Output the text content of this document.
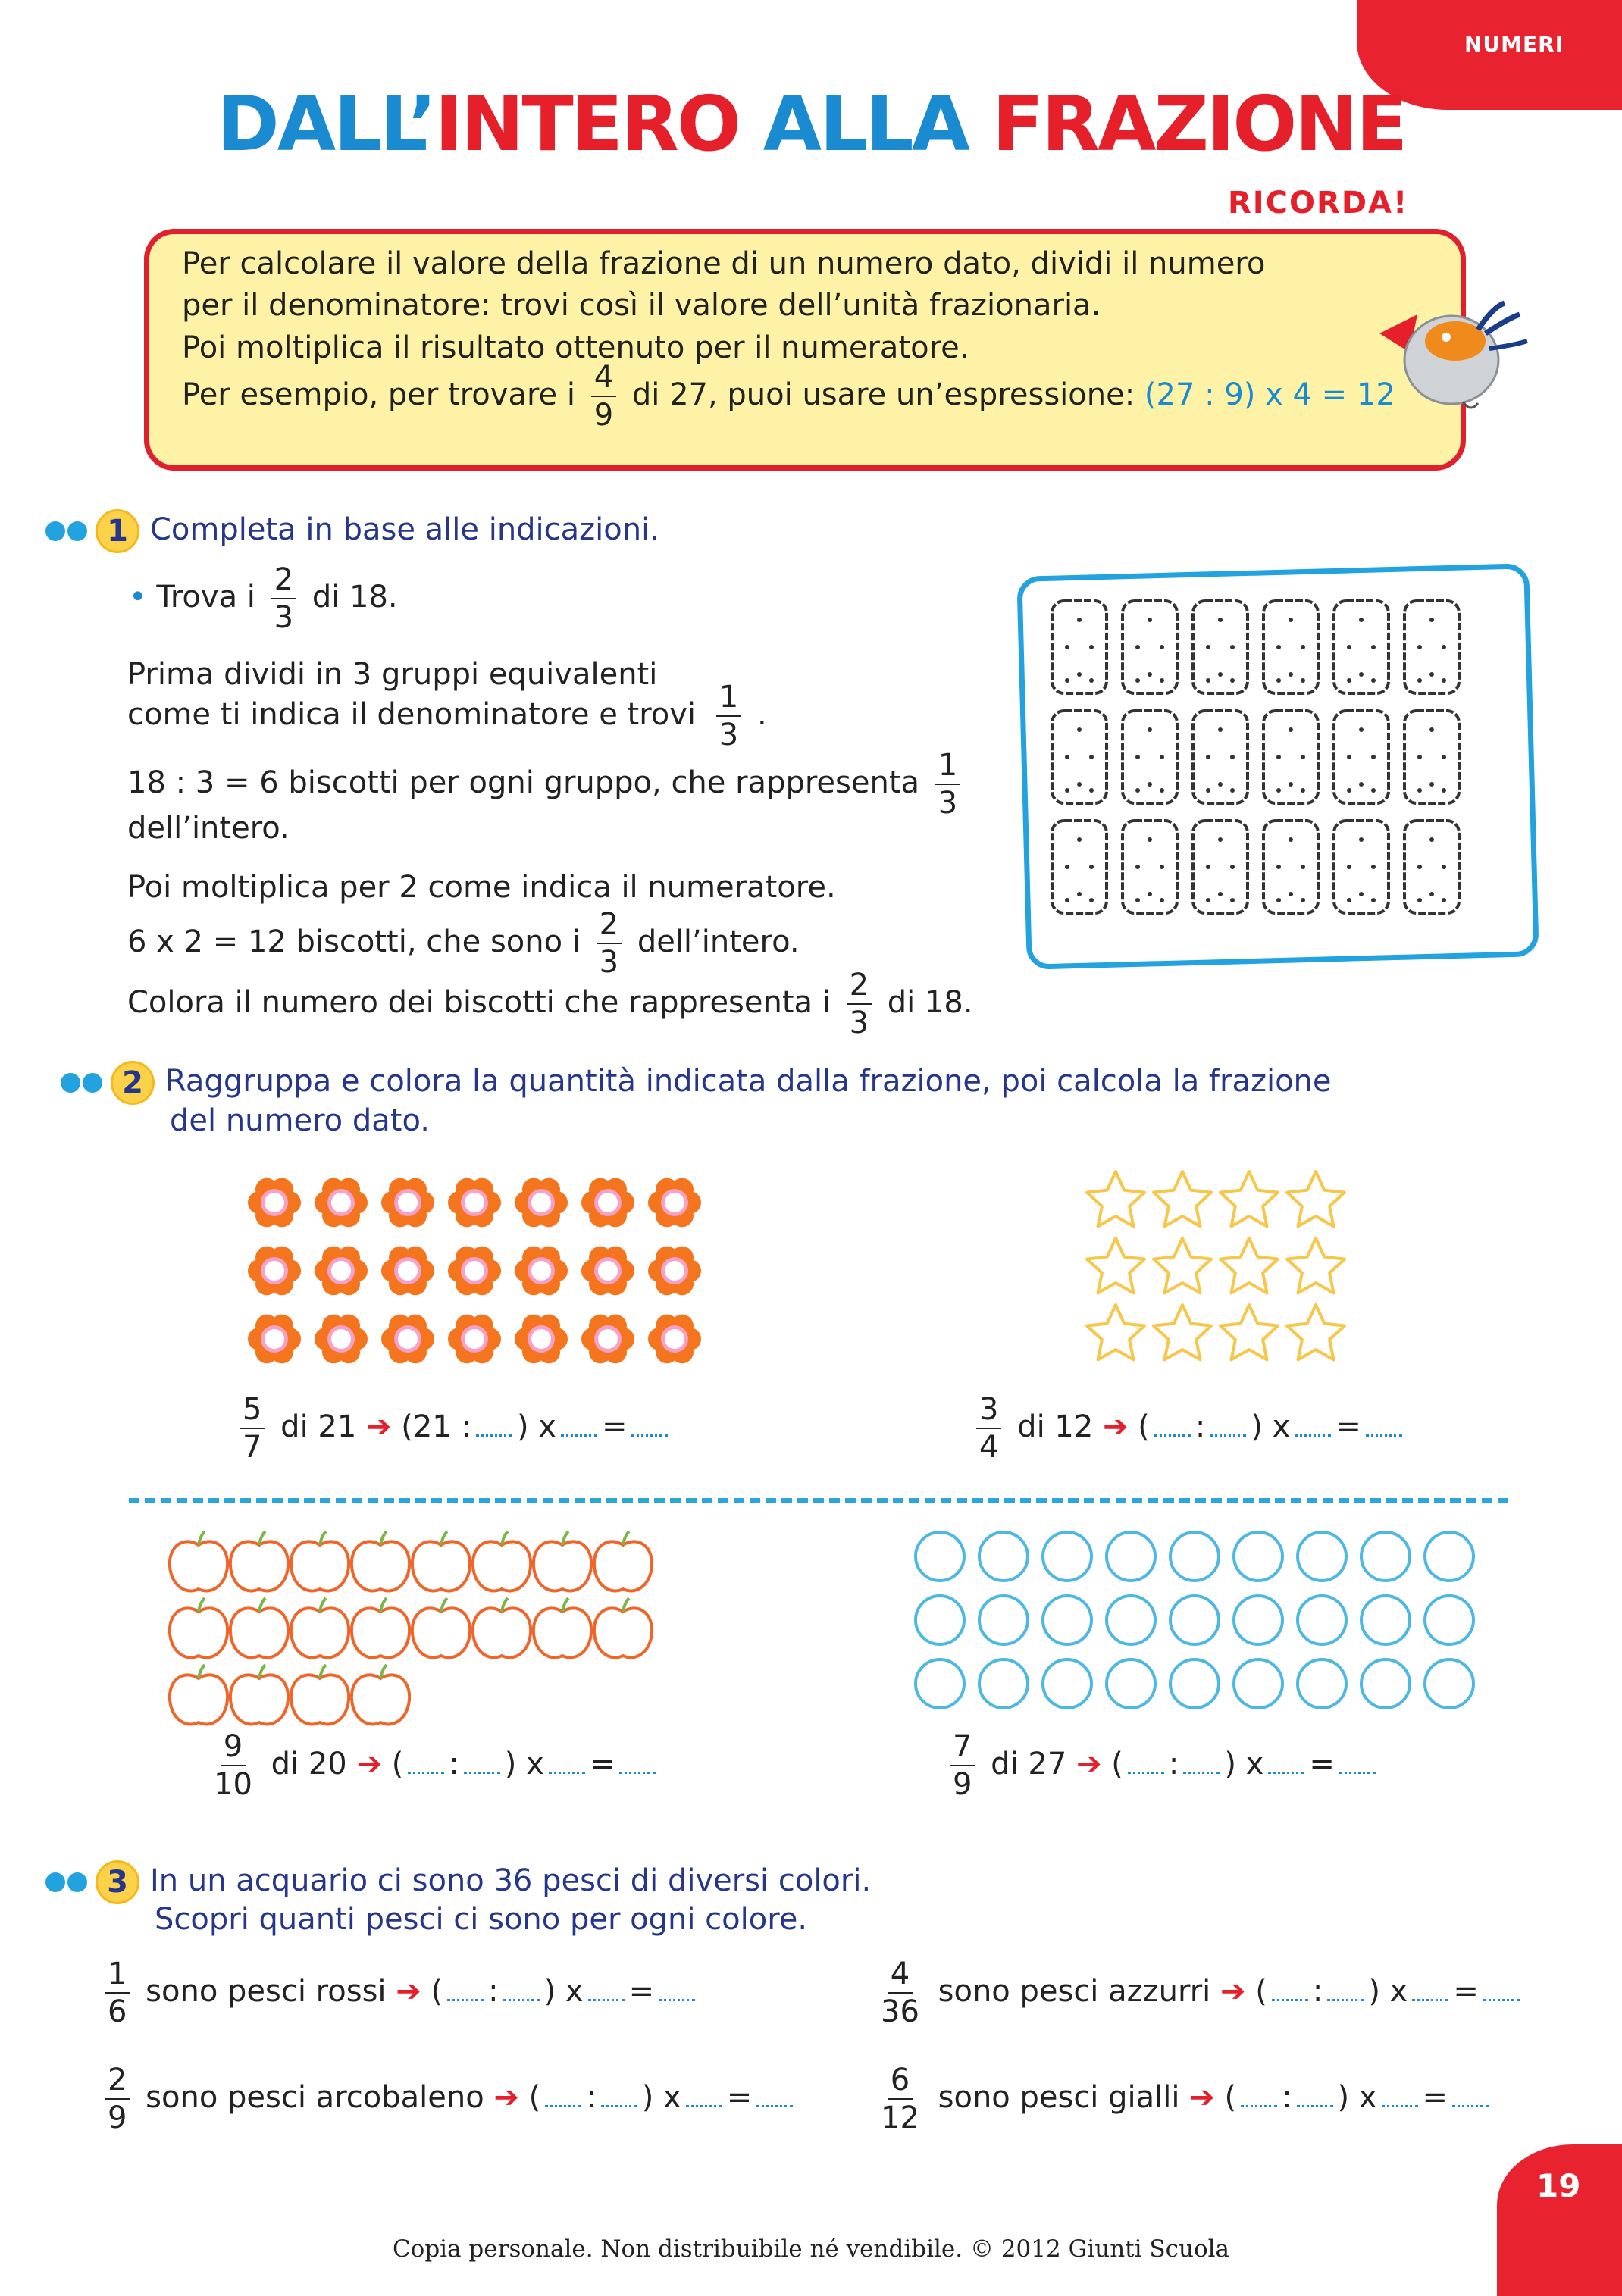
NUMERI
DALL’INTERO ALLA FRAZIONE
RICORDA!
Per calcolare il valore della frazione di un numero dato, dividi il numero
per il denominatore: trovi così il valore dell’unità frazionaria.
Poi moltiplica il risultato ottenuto per il numeratore.
Per esempio, per trovare i $\frac{4}{9}$ di 27, puoi usare un’espressione: (27 : 9) x 4 = 12
1 Completa in base alle indicazioni.
• Trova i $\frac{2}{3}$ di 18.
Prima dividi in 3 gruppi equivalenti
come ti indica il denominatore e trovi $\frac{1}{3}$ .
18 : 3 = 6 biscotti per ogni gruppo, che rappresenta $\frac{1}{3}$
dell’intero.
Poi moltiplica per 2 come indica il numeratore.
6 x 2 = 12 biscotti, che sono i $\frac{2}{3}$ dell’intero.
Colora il numero dei biscotti che rappresenta i $\frac{2}{3}$ di 18.
2 Raggruppa e colora la quantità indicata dalla frazione, poi calcola la frazione
del numero dato.
$\frac{5}{7}$ di 21 ➔ (21 : ) x =	$\frac{3}{4}$ di 12 ➔ ( : ) x =
$\frac{9}{10}$ di 20 ➔ ( : ) x =	$\frac{7}{9}$ di 27 ➔ ( : ) x =
3 In un acquario ci sono 36 pesci di diversi colori.
Scopri quanti pesci ci sono per ogni colore.
$\frac{1}{6}$ sono pesci rossi ➔ ( : ) x =	$\frac{4}{36}$ sono pesci azzurri ➔ ( : ) x =
$\frac{2}{9}$ sono pesci arcobaleno ➔ ( : ) x =	$\frac{6}{12}$ sono pesci gialli ➔ ( : ) x =
Copia personale. Non distribuibile né vendibile. © 2012 Giunti Scuola
19
